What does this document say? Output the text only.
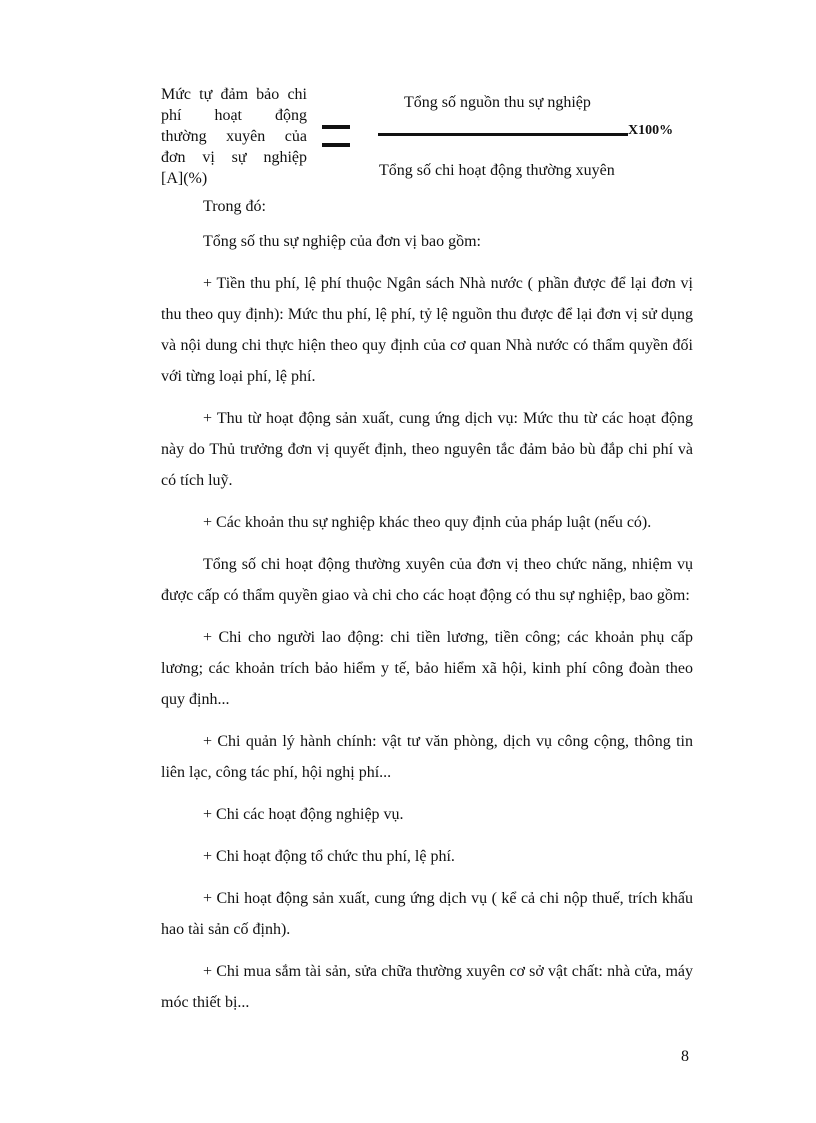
Mức tự đảm bảo chi
phí hoạt động
thường xuyên của
đơn vị sự nghiệp
[A](%)
Tổng số nguồn thu sự nghiệp
X100%
Tổng số chi hoạt động thường xuyên

Trong đó:

Tổng số thu sự nghiệp của đơn vị bao gồm:

+ Tiền thu phí, lệ phí thuộc Ngân sách Nhà nước ( phần được để lại đơn vị thu theo quy định): Mức thu phí, lệ phí, tỷ lệ nguồn thu được để lại đơn vị sử dụng và nội dung chi thực hiện theo quy định của cơ quan Nhà nước có thẩm quyền đối với từng loại phí, lệ phí.

+ Thu từ hoạt động sản xuất, cung ứng dịch vụ: Mức thu từ các hoạt động này do Thủ trưởng đơn vị quyết định, theo nguyên tắc đảm bảo bù đắp chi phí và có tích luỹ.

+ Các khoản thu sự nghiệp khác theo quy định của pháp luật (nếu có).

Tổng số chi hoạt động thường xuyên của đơn vị theo chức năng, nhiệm vụ được cấp có thẩm quyền giao và chi cho các hoạt động có thu sự nghiệp, bao gồm:

+ Chi cho người lao động: chi tiền lương, tiền công; các khoản phụ cấp lương; các khoản trích bảo hiểm y tế, bảo hiểm xã hội, kinh phí công đoàn theo quy định...

+ Chi quản lý hành chính: vật tư văn phòng, dịch vụ công cộng, thông tin liên lạc, công tác phí, hội nghị phí...

+ Chi các hoạt động nghiệp vụ.

+ Chi hoạt động tổ chức thu phí, lệ phí.

+ Chi hoạt động sản xuất, cung ứng dịch vụ ( kể cả chi nộp thuế, trích khấu hao tài sản cố định).

+ Chi mua sắm tài sản, sửa chữa thường xuyên cơ sở vật chất: nhà cửa, máy móc thiết bị...

8
